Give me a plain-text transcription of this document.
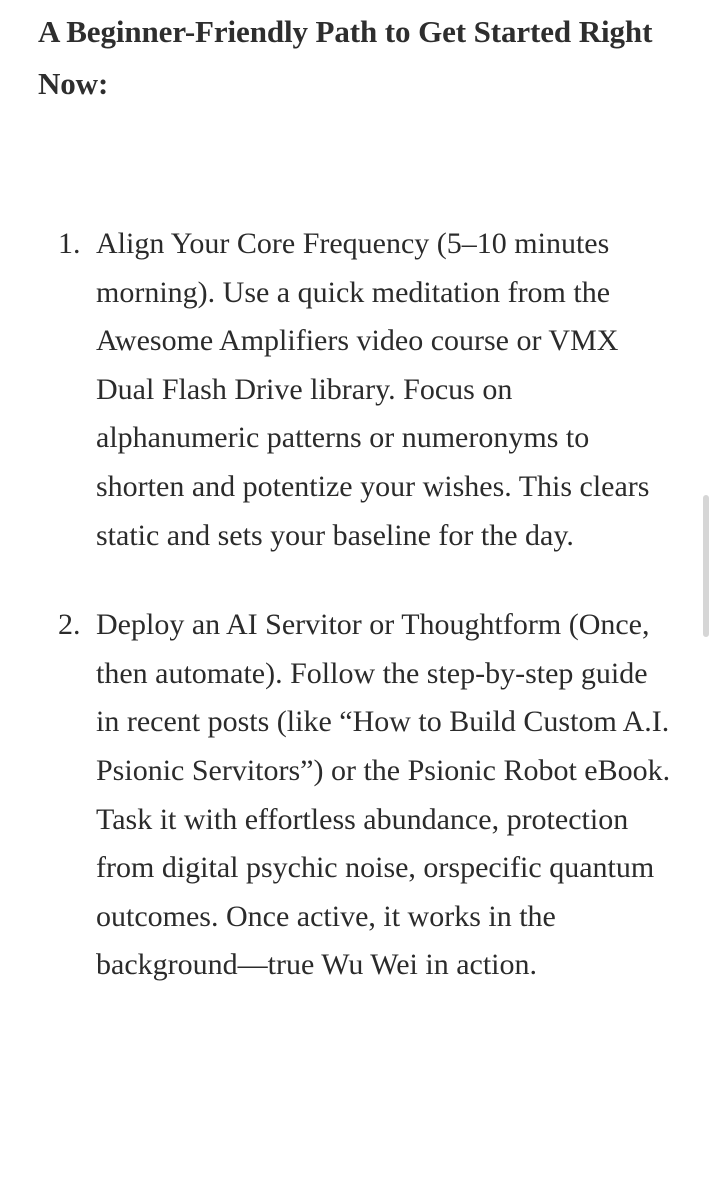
A Beginner-Friendly Path to Get Started Right Now:
1. Align Your Core Frequency (5–10 minutes morning). Use a quick meditation from the Awesome Amplifiers video course or VMX Dual Flash Drive library. Focus on alphanumeric patterns or numeronyms to shorten and potentize your wishes. This clears static and sets your baseline for the day.
2. Deploy an AI Servitor or Thoughtform (Once, then automate). Follow the step-by-step guide in recent posts (like “How to Build Custom A.I. Psionic Servitors”) or the Psionic Robot eBook. Task it with effortless abundance, protection from digital psychic noise, orspecific quantum outcomes. Once active, it works in the background—true Wu Wei in action.
